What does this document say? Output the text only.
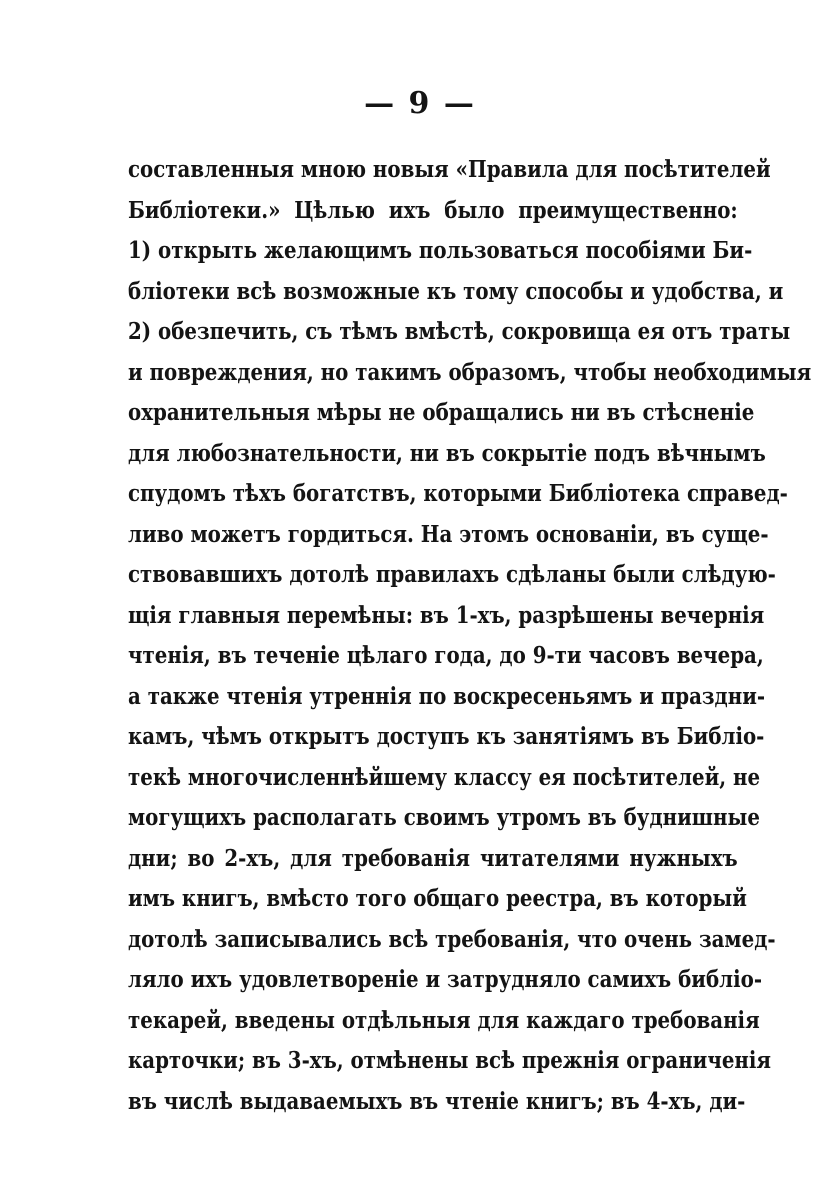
— 9 —
составленныя мною новыя «Правила для посѣтителей
Библіотеки.» Цѣлью ихъ было преимущественно:
1) открыть желающимъ пользоваться пособіями Би-
бліотеки всѣ возможные къ тому способы и удобства, и
2) обезпечить, съ тѣмъ вмѣстѣ, сокровища ея отъ траты
и повреждения, но такимъ образомъ, чтобы необходимыя
охранительныя мѣры не обращались ни въ стѣсненіе
для любознательности, ни въ сокрытіе подъ вѣчнымъ
спудомъ тѣхъ богатствъ, которыми Библіотека справед-
ливо можетъ гордиться. На этомъ основаніи, въ суще-
ствовавшихъ дотолѣ правилахъ сдѣланы были слѣдую-
щія главныя перемѣны: въ 1-хъ, разрѣшены вечернія
чтенія, въ теченіе цѣлаго года, до 9-ти часовъ вечера,
а также чтенія утреннія по воскресеньямъ и праздни-
камъ, чѣмъ открытъ доступъ къ занятіямъ въ Библіо-
текѣ многочисленнѣйшему классу ея посѣтителей, не
могущихъ располагать своимъ утромъ въ буднишные
дни; во 2-хъ, для требованія читателями нужныхъ
имъ книгъ, вмѣсто того общаго реестра, въ который
дотолѣ записывались всѣ требованія, что очень замед-
ляло ихъ удовлетвореніе и затрудняло самихъ библіо-
текарей, введены отдѣльныя для каждаго требованія
карточки; въ 3-хъ, отмѣнены всѣ прежнія ограниченія
въ числѣ выдаваемыхъ въ чтеніе книгъ; въ 4-хъ, ди-
